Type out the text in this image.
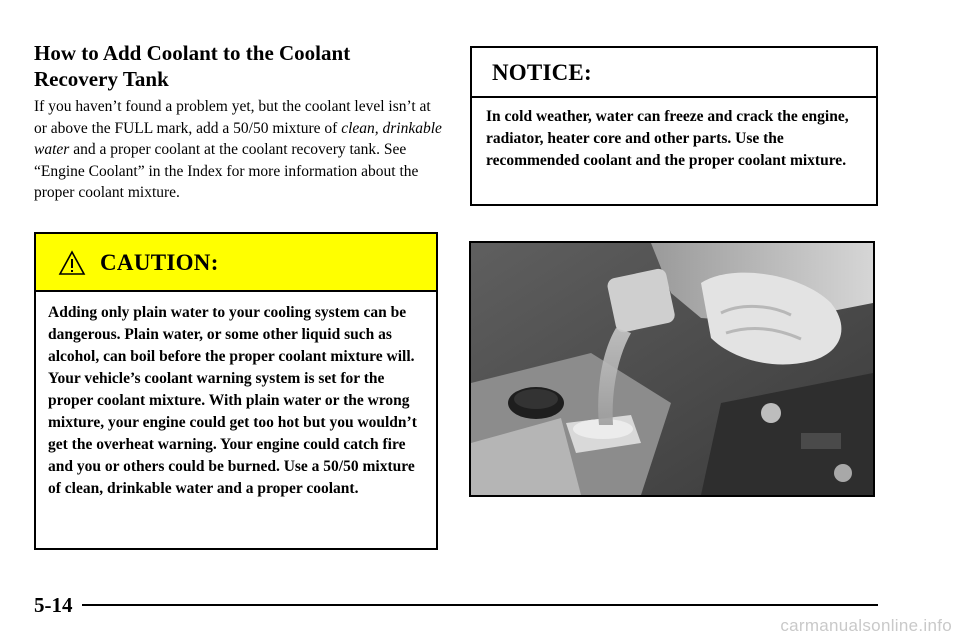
How to Add Coolant to the Coolant
Recovery Tank

If you haven’t found a problem yet, but the coolant level isn’t at or above the FULL mark, add a 50/50 mixture of clean, drinkable water and a proper coolant at the coolant recovery tank. See “Engine Coolant” in the Index for more information about the proper coolant mixture.

CAUTION:

Adding only plain water to your cooling system can be dangerous. Plain water, or some other liquid such as alcohol, can boil before the proper coolant mixture will. Your vehicle’s coolant warning system is set for the proper coolant mixture. With plain water or the wrong mixture, your engine could get too hot but you wouldn’t get the overheat warning. Your engine could catch fire and you or others could be burned. Use a 50/50 mixture of clean, drinkable water and a proper coolant.

NOTICE:

In cold weather, water can freeze and crack the engine, radiator, heater core and other parts. Use the recommended coolant and the proper coolant mixture.

5-14
carmanualsonline.info
